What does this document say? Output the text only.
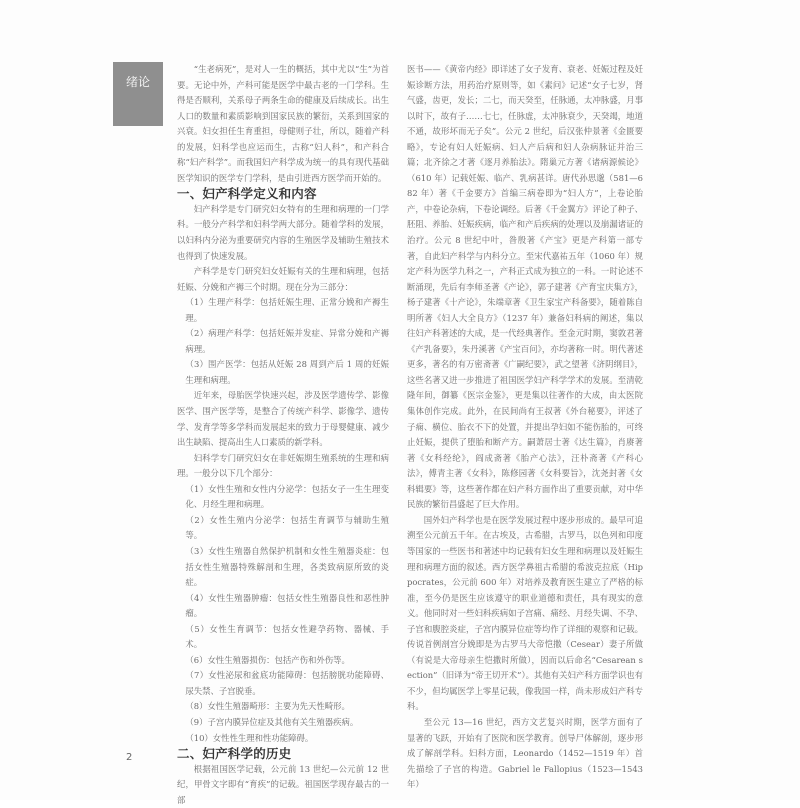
绪论

“生老病死”，是对人一生的概括，其中尤以“生”为首要。无论中外，产科可能是医学中最古老的一门学科。生得是否顺利，关系母子两条生命的健康及后续成长。出生人口的数量和素质影响到国家民族的繁衍，关系到国家的兴衰。妇女担任生育重担，母健则子壮，所以，随着产科的发展，妇科学也应运而生，古称“妇人科”，和产科合称“妇产科学”。而我国妇产科学成为统一的具有现代基础医学知识的医学专门学科，是由引进西方医学而开始的。

一、妇产科学定义和内容

妇产科学是专门研究妇女特有的生理和病理的一门学科。一般分产科学和妇科学两大部分。随着学科的发展，以妇科内分泌为重要研究内容的生殖医学及辅助生殖技术也得到了快速发展。

产科学是专门研究妇女妊娠有关的生理和病理，包括妊娠、分娩和产褥三个时期。现在分为三部分：

（1）生理产科学：包括妊娠生理、正常分娩和产褥生理。

（2）病理产科学：包括妊娠并发症、异常分娩和产褥病理。

（3）围产医学：包括从妊娠 28 周到产后 1 周的妊娠生理和病理。

近年来，母胎医学快速兴起，涉及医学遗传学、影像医学、围产医学等，是整合了传统产科学、影像学、遗传学、发育学等多学科而发展起来的致力于母婴健康、减少出生缺陷、提高出生人口素质的新学科。

妇科学专门研究妇女在非妊娠期生殖系统的生理和病理。一般分以下几个部分：

（1）女性生殖和女性内分泌学：包括女子一生生理变化、月经生理和病理。

（2）女性生殖内分泌学：包括生育调节与辅助生殖等。

（3）女性生殖器自然保护机制和女性生殖器炎症：包括女性生殖器特殊解剖和生理，各类致病原所致的炎症。

（4）女性生殖器肿瘤：包括女性生殖器良性和恶性肿瘤。

（5）女性生育调节：包括女性避孕药物、器械、手术。

（6）女性生殖器损伤：包括产伤和外伤等。

（7）女性泌尿和盆底功能障碍：包括膀胱功能障碍、尿失禁、子宫脱垂。

（8）女性生殖器畸形：主要为先天性畸形。

（9）子宫内膜异位症及其他有关生殖器疾病。

（10）女性性生理和性功能障碍。

二、妇产科学的历史

根据祖国医学记载，公元前 13 世纪—公元前 12 世纪，甲骨文字即有“育疾”的记载。祖国医学现存最古的一部

医书——《黄帝内经》即详述了女子发育、衰老、妊娠过程及妊娠诊断方法，用药治疗原则等，如《素问》记述“女子七岁，肾气盛，齿更，发长；二七，而天癸至，任脉通，太冲脉盛，月事以时下，故有子……七七，任脉虚，太冲脉衰少，天癸竭，地道不通，故形坏而无子矣”。公元 2 世纪，后汉张仲景著《金匮要略》，专论有妇人妊娠病、妇人产后病和妇人杂病脉证并治三篇；北齐徐之才著《逐月养胎法》。隋巢元方著《诸病源候论》（610 年）记载妊娠、临产、乳病甚详。唐代孙思邈（581—682 年）著《千金要方》首编三病卷即为“妇人方”，上卷论胎产，中卷论杂病，下卷论调经。后著《千金翼方》评论了种子、胚阻、养胎、妊娠疾病，临产和产后疾病的处理以及崩漏诸证的治疗。公元 8 世纪中叶，昝殷著《产宝》更是产科第一部专著，自此妇产科学与内科分立。至宋代嘉祐五年（1060 年）规定产科为医学九科之一，产科正式成为独立的一科。一时论述不断涌现，先后有李师圣著《产论》，郭子建著《产育宝庆集方》，杨子建著《十产论》，朱端章著《卫生家宝产科备要》，随着陈自明所著《妇人大全良方》（1237 年）兼备妇科病的阐述，集以往妇产科著述的大成，是一代经典著作。至金元时期，窦敦君著《产乳备要》，朱丹溪著《产宝百问》，亦均著称一时。明代著述更多，著名的有万密斋著《广嗣纪要》，武之望著《济阴纲目》，这些名著又进一步推进了祖国医学妇产科学学术的发展。至清乾隆年间，御纂《医宗金鉴》，更是集以往著作的大成，由太医院集体创作完成。此外，在民间尚有王叔著《外台秘要》，评述了子痫、横位、胎衣不下的处置，并提出孕妇如不能伤胎的，可终止妊娠，提供了堕胎和断产方。嗣萧居士著《达生篇》，肖赓著著《女科经纶》，阎成斋著《胎产心法》，汪朴斋著《产科心法》，傅青主著《女科》，陈修园著《女科要旨》，沈尧封著《女科辑要》等，这些著作都在妇产科方面作出了重要贡献，对中华民族的繁衍昌盛起了巨大作用。

国外妇产科学也是在医学发展过程中逐步形成的。最早可追溯至公元前五千年。在古埃及，古希腊，古罗马，以色列和印度等国家的一些医书和著述中均记载有妇女生理和病理以及妊娠生理和病理方面的叙述。西方医学鼻祖古希腊的希波克拉底（Hippocrates，公元前 600 年）对培养及教育医生建立了严格的标准，至今仍是医生应该遵守的职业道德和责任，具有现实的意义。他同时对一些妇科疾病如子宫痛、痛经、月经失调、不孕、子宫和腹腔炎症，子宫内膜异位症等均作了详细的观察和记载。传说首例剖宫分娩即是为古罗马大帝恺撒（Cesear）妻子所做（有说是大帝母亲生恺撒时所做），因而以后命名“Cesarean section”（旧译为“帝王切开术”）。其他有关妇产科方面学识也有不少，但均属医学上零星记载，像我国一样，尚未形成妇产科专科。

至公元 13—16 世纪，西方文艺复兴时期，医学方面有了显著的飞跃，开始有了医院和医学教育。创导尸体解剖，逐步形成了解剖学科。妇科方面，Leonardo（1452—1519 年）首先描绘了子宫的构造。Gabriel le Fallopius（1523—1543 年）

2
